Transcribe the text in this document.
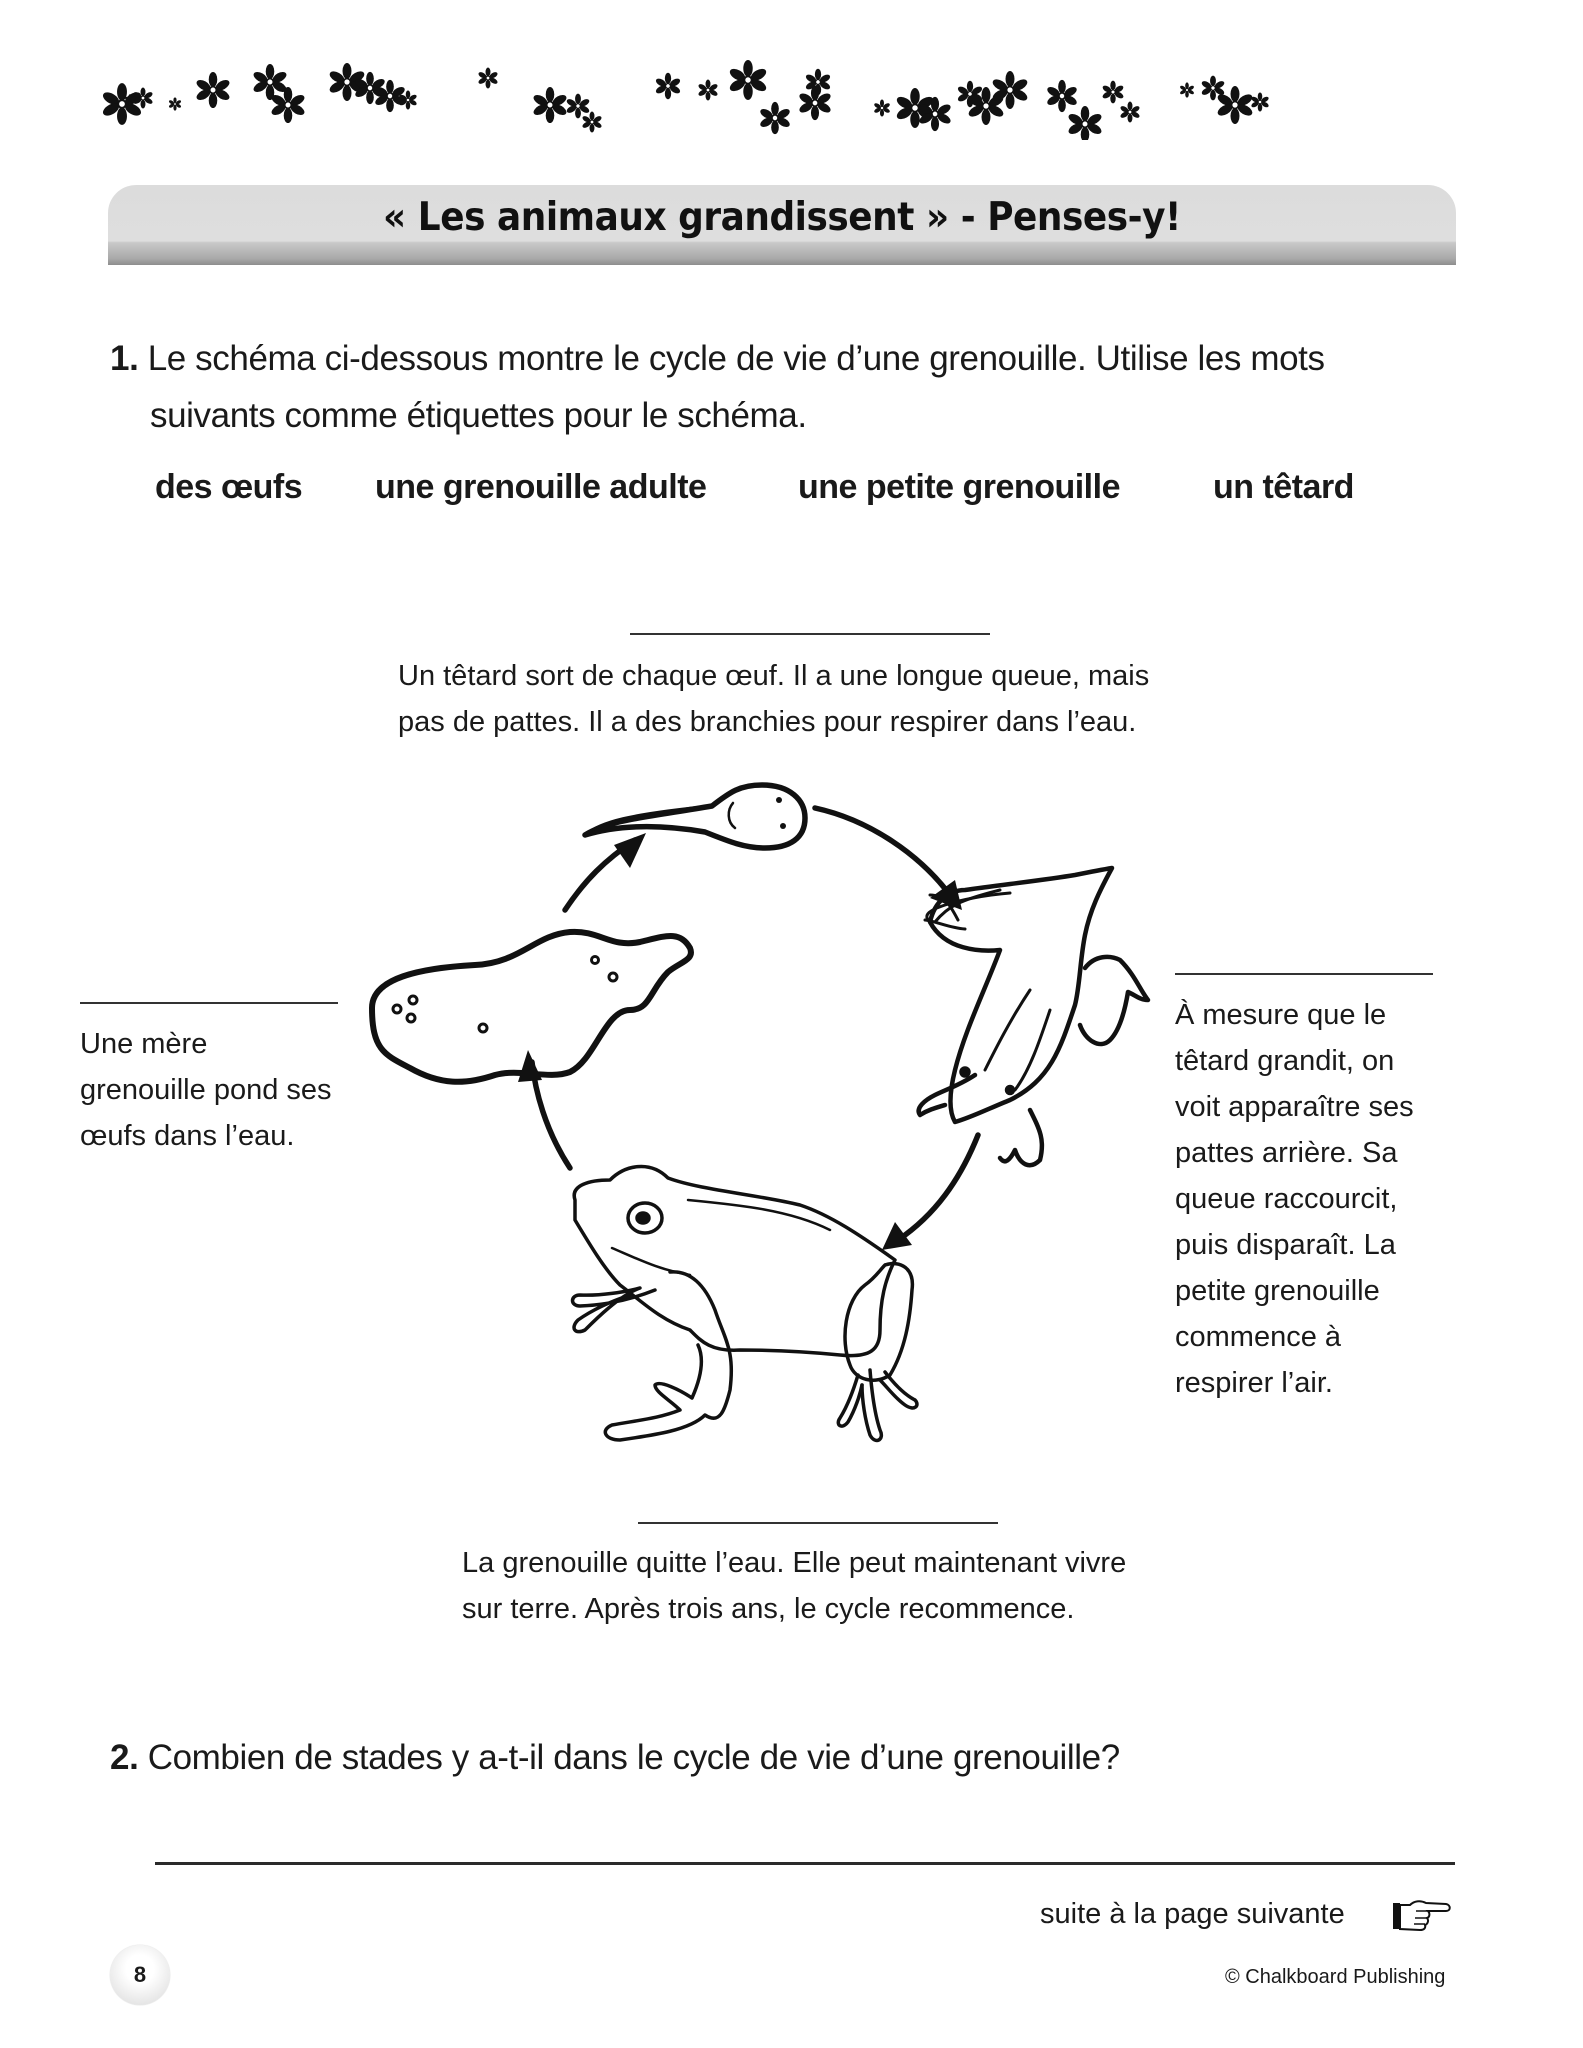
« Les animaux grandissent » - Penses-y!
1. Le schéma ci-dessous montre le cycle de vie d’une grenouille. Utilise les mots
suivants comme étiquettes pour le schéma.
des œufs une grenouille adulte	une petite grenouille	un têtard
Un têtard sort de chaque œuf. Il a une longue queue, mais
pas de pattes. Il a des branchies pour respirer dans l’eau.
Une mère
grenouille pond ses
œufs dans l’eau.
À mesure que le
têtard grandit, on
voit apparaître ses
pattes arrière. Sa
queue raccourcit,
puis disparaît. La
petite grenouille
commence à
respirer l’air.
La grenouille quitte l’eau. Elle peut maintenant vivre
sur terre. Après trois ans, le cycle recommence.
2. Combien de stades y a-t-il dans le cycle de vie d’une grenouille?
suite à la page suivante
8	© Chalkboard Publishing
